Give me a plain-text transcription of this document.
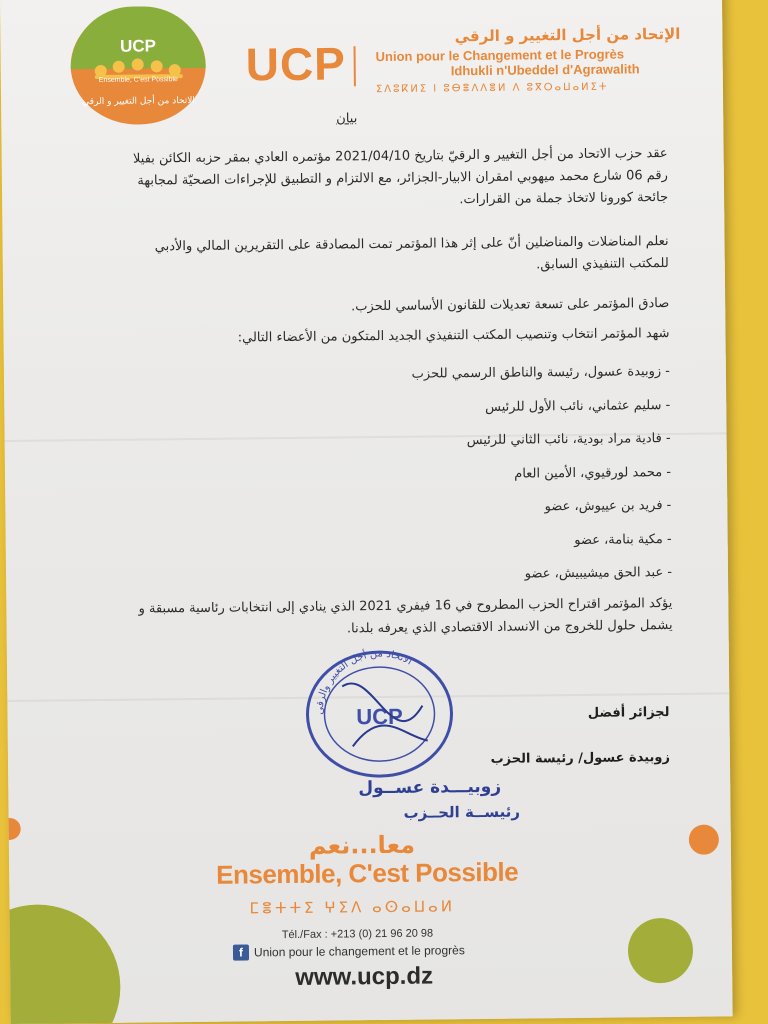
UCP
Ensemble, C'est Possible
الاتحاد من أجل التغيير و الرقي
UCP
الإتحاد من أجل التغيير و الرقي
Union pour le Changement et le Progrès
Idhukli n'Ubeddel d'Agrawalith
ⵉⴷⵓⴽⵍⵉ ⵏ ⵓⴱⴻⴷⴷⴻⵍ ⴷ ⵓⴳⵔⴰⵡⴰⵍⵉⵜ
بيان
عقد حزب الاتحاد من أجل التغيير و الرقيّ بتاريخ 2021/04/10 مؤتمره العادي بمقر حزبه الكائن بفيلا
رقم 06 شارع محمد ميهوبي امقران الابيار-الجزائر، مع الالتزام و التطبيق للإجراءات الصحيّة لمجابهة
جائحة كورونا لاتخاذ جملة من القرارات.
نعلم المناضلات والمناضلين أنّ على إثر هذا المؤتمر تمت المصادقة على التقريرين المالي والأدبي
للمكتب التنفيذي السابق.
صادق المؤتمر على تسعة تعديلات للقانون الأساسي للحزب.
شهد المؤتمر انتخاب وتنصيب المكتب التنفيذي الجديد المتكون من الأعضاء التالي:
- زوبيدة عسول، رئيسة والناطق الرسمي للحزب
- سليم عثماني، نائب الأول للرئيس
- فادية مراد بودية، نائب الثاني للرئيس
- محمد لورقيوي، الأمين العام
- فريد بن عييوش، عضو
- مكية بنامة، عضو
- عبد الحق ميشيبيش، عضو
يؤكد المؤتمر اقتراح الحزب المطروح في 16 فيفري 2021 الذي ينادي إلى انتخابات رئاسية مسبقة و
يشمل حلول للخروج من الانسداد الاقتصادي الذي يعرفه بلدنا.
الاتحاد من أجل التغيير والرقي
UCP	لجزائر أفضل
زوبيدة عسول/ رئيسة الحزب
زوبيـــدة عســول
رئيســة الحــزب
معا...نعم
Ensemble, C'est Possible
ⵎⴻⵜⵜⵉ ⵖⵉⴷ ⴰⵙⴰⵡⴰⵍ
Tél./Fax : +213 (0) 21 96 20 98
f Union pour le changement et le progrès
www.ucp.dz
